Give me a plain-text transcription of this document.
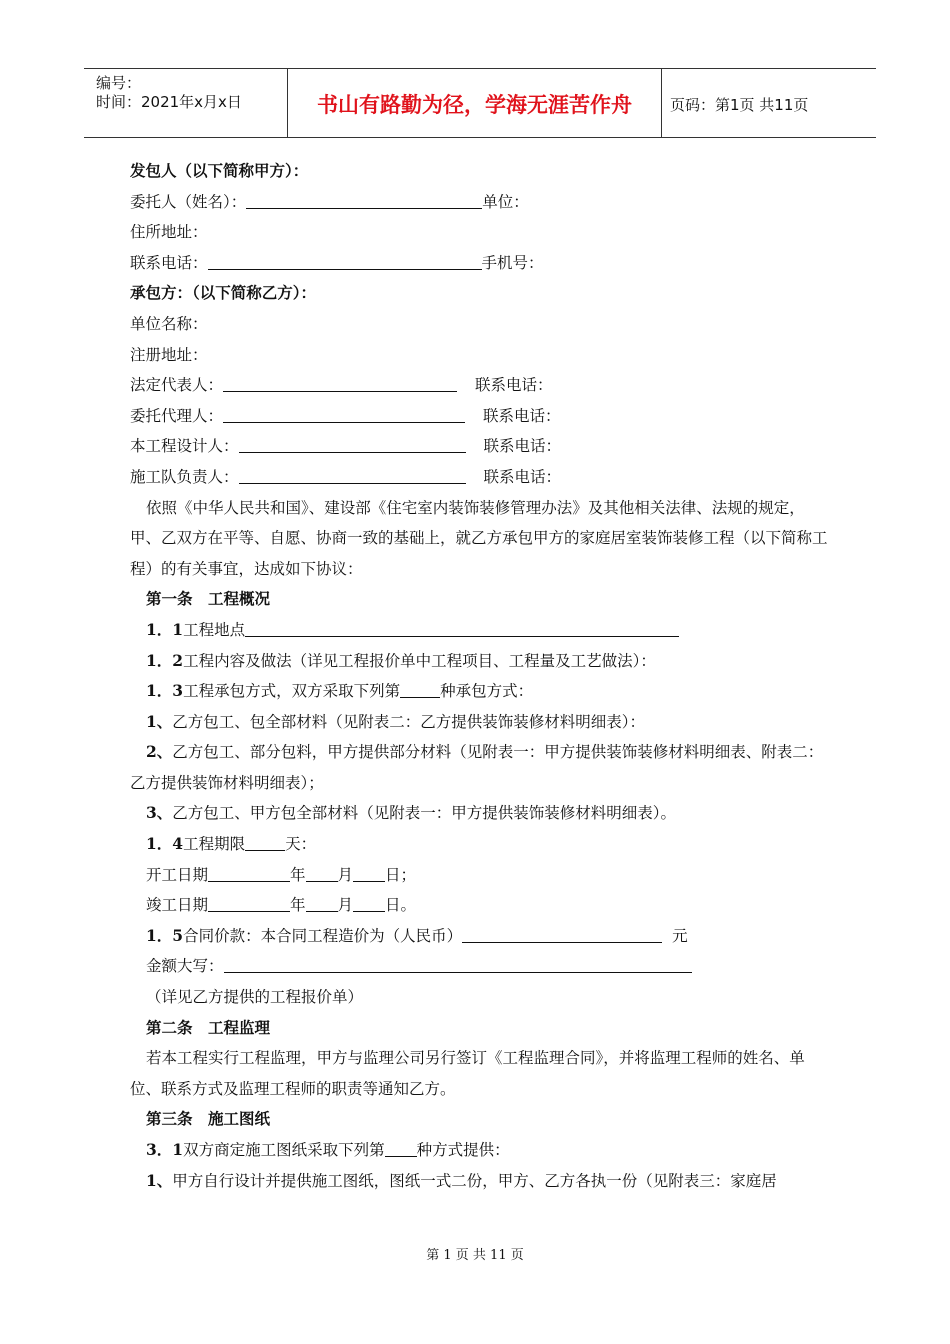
编号：
时间：2021年x月x日	书山有路勤为径，学海无涯苦作舟	页码：第1页 共11页
发包人（以下简称甲方）：
委托人（姓名）：	单位：
住所地址：
联系电话：	手机号：
承包方：（以下简称乙方）：
单位名称：
注册地址：
法定代表人：	联系电话：
委托代理人：	联系电话：
本工程设计人：	联系电话：
施工队负责人：	联系电话：
依照《中华人民共和国》、建设部《住宅室内装饰装修管理办法》及其他相关法律、法规的规定，甲、乙双方在平等、自愿、协商一致的基础上，就乙方承包甲方的家庭居室装饰装修工程（以下简称工程）的有关事宜，达成如下协议：
第一条　工程概况
1．1工程地点
1．2工程内容及做法（详见工程报价单中工程项目、工程量及工艺做法）：
1．3工程承包方式，双方采取下列第	种承包方式：
1、乙方包工、包全部材料（见附表二：乙方提供装饰装修材料明细表）：
2、乙方包工、部分包料，甲方提供部分材料（见附表一：甲方提供装饰装修材料明细表、附表二：乙方提供装饰材料明细表）；
3、乙方包工、甲方包全部材料（见附表一：甲方提供装饰装修材料明细表）。
1．4工程期限	天：
开工日期	年 月 日；
竣工日期	年 月 日。
1．5合同价款：本合同工程造价为（人民币）	元
金额大写：
（详见乙方提供的工程报价单）
第二条　工程监理
若本工程实行工程监理，甲方与监理公司另行签订《工程监理合同》，并将监理工程师的姓名、单位、联系方式及监理工程师的职责等通知乙方。
第三条　施工图纸
3．1双方商定施工图纸采取下列第 种方式提供：
1、甲方自行设计并提供施工图纸，图纸一式二份，甲方、乙方各执一份（见附表三：家庭居
第 1 页 共 11 页
